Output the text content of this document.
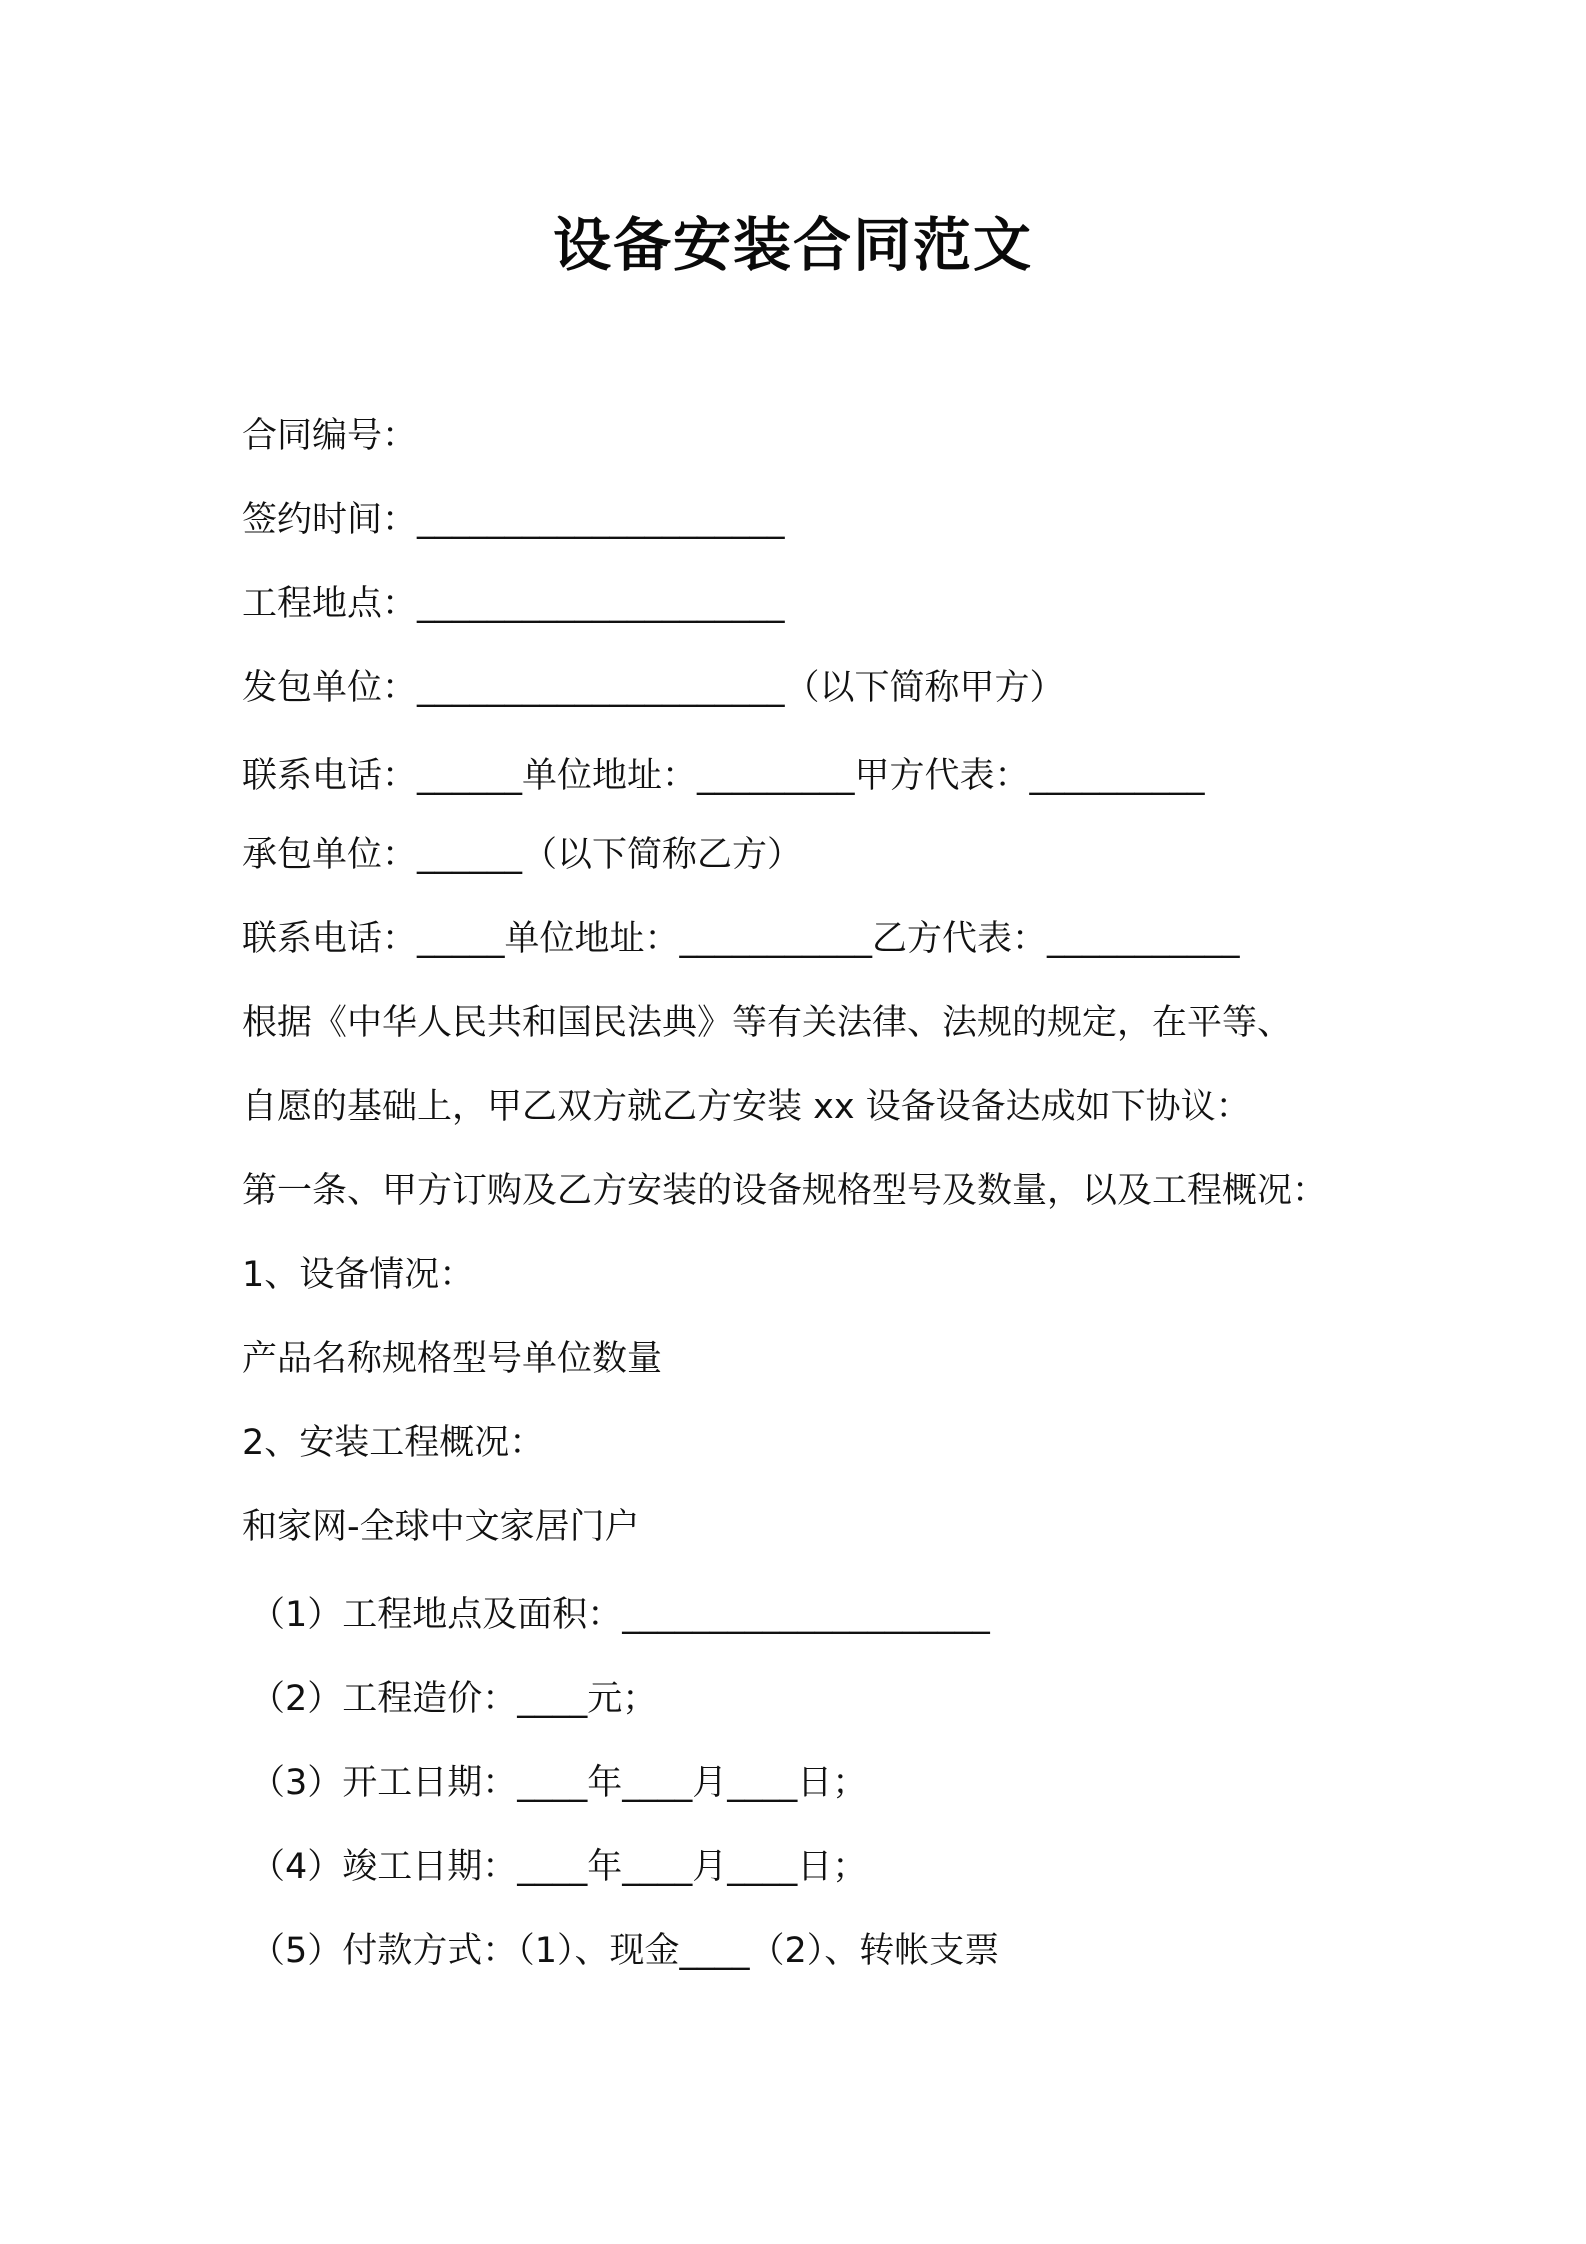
设备安装合同范文
合同编号：
签约时间：_____________________
工程地点：_____________________
发包单位：_____________________（以下简称甲方）
联系电话：______单位地址：_________甲方代表：__________
承包单位：______（以下简称乙方）
联系电话：_____单位地址：___________乙方代表：___________
根据《中华人民共和国民法典》等有关法律、法规的规定，在平等、
自愿的基础上，甲乙双方就乙方安装 xx 设备设备达成如下协议：
第一条、甲方订购及乙方安装的设备规格型号及数量，以及工程概况：
1、设备情况：
产品名称规格型号单位数量
2、安装工程概况：
和家网-全球中文家居门户
（1）工程地点及面积：_____________________
（2）工程造价：____元；
（3）开工日期：____年____月____日；
（4）竣工日期：____年____月____日；
（5）付款方式：（1）、现金____（2）、转帐支票
